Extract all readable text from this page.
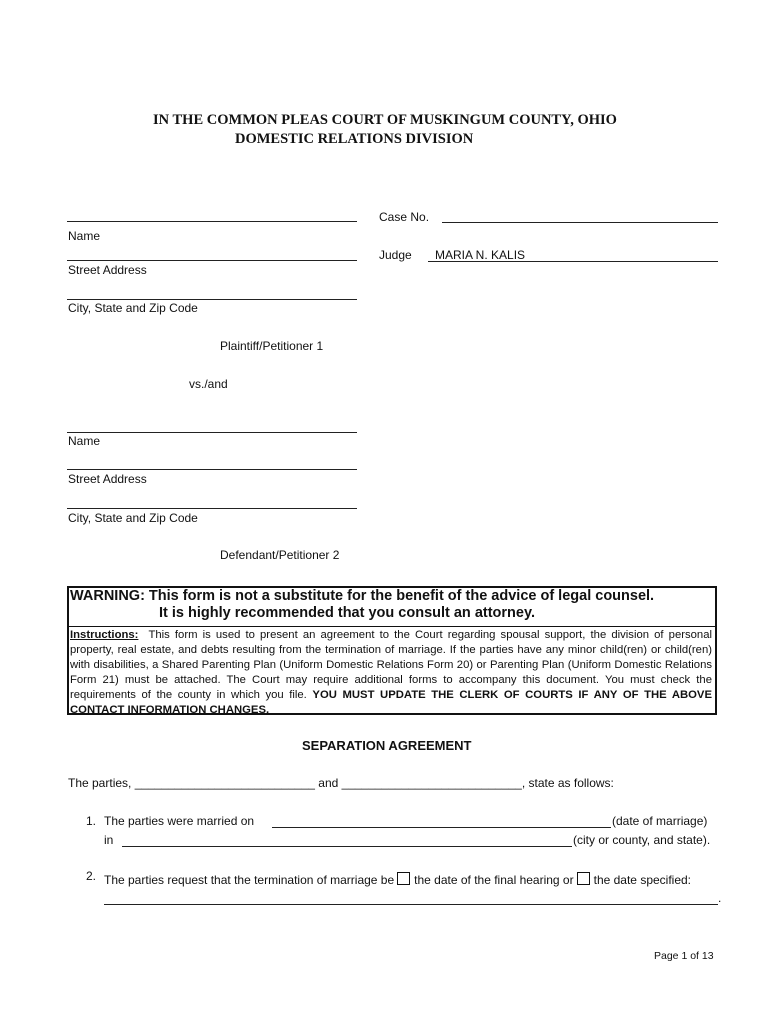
IN THE COMMON PLEAS COURT OF MUSKINGUM COUNTY, OHIO
DOMESTIC RELATIONS DIVISION
Name
Street Address
City, State and Zip Code
Plaintiff/Petitioner 1
Case No.
Judge MARIA N. KALIS
vs./and
Name
Street Address
City, State and Zip Code
Defendant/Petitioner 2
WARNING: This form is not a substitute for the benefit of the advice of legal counsel.
It is highly recommended that you consult an attorney.
Instructions: This form is used to present an agreement to the Court regarding spousal support, the division of personal property, real estate, and debts resulting from the termination of marriage. If the parties have any minor child(ren) or child(ren) with disabilities, a Shared Parenting Plan (Uniform Domestic Relations Form 20) or Parenting Plan (Uniform Domestic Relations Form 21) must be attached. The Court may require additional forms to accompany this document. You must check the requirements of the county in which you file. YOU MUST UPDATE THE CLERK OF COURTS IF ANY OF THE ABOVE CONTACT INFORMATION CHANGES.
SEPARATION AGREEMENT
The parties, ___________________________ and ___________________________, state as follows:
1. The parties were married on	(date of marriage)
in	(city or county, and state).
2. The parties request that the termination of marriage be the date of the final hearing or the date specified:
.
Page 1 of 13
